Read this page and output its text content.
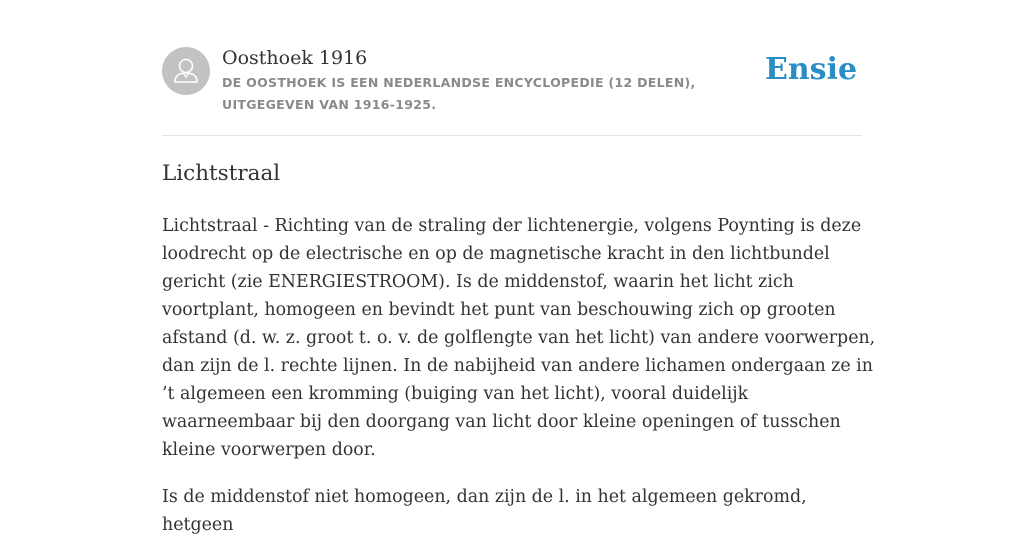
Oosthoek 1916
DE OOSTHOEK IS EEN NEDERLANDSE ENCYCLOPEDIE (12 DELEN), UITGEGEVEN VAN 1916-1925.
Ensie
Lichtstraal

Lichtstraal - Richting van de straling der lichtenergie, volgens Poynting is deze
loodrecht op de electrische en op de magnetische kracht in den lichtbundel
gericht (zie ENERGIESTROOM). Is de middenstof, waarin het licht zich
voortplant, homogeen en bevindt het punt van beschouwing zich op grooten
afstand (d. w. z. groot t. o. v. de golflengte van het licht) van andere voorwerpen,
dan zijn de l. rechte lijnen. In de nabijheid van andere lichamen ondergaan ze in
’t algemeen een kromming (buiging van het licht), vooral duidelijk
waarneembaar bij den doorgang van licht door kleine openingen of tusschen
kleine voorwerpen door.

Is de middenstof niet homogeen, dan zijn de l. in het algemeen gekromd, hetgeen
